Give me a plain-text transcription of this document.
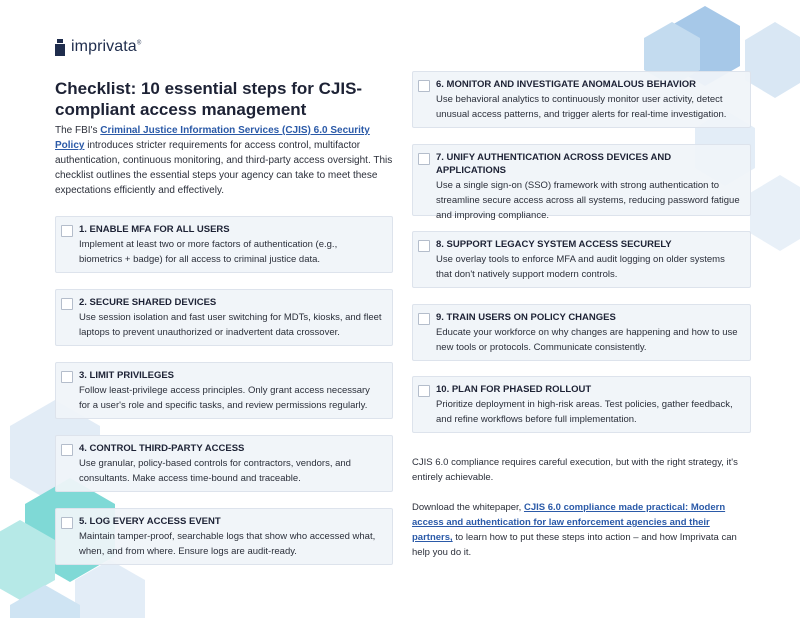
imprivata®
Checklist: 10 essential steps for CJIS-compliant access management
The FBI's Criminal Justice Information Services (CJIS) 6.0 Security Policy introduces stricter requirements for access control, multifactor authentication, continuous monitoring, and third-party access oversight. This checklist outlines the essential steps your agency can take to meet these expectations efficiently and effectively.
1. ENABLE MFA FOR ALL USERS
Implement at least two or more factors of authentication (e.g., biometrics + badge) for all access to criminal justice data.
2. SECURE SHARED DEVICES
Use session isolation and fast user switching for MDTs, kiosks, and fleet laptops to prevent unauthorized or inadvertent data crossover.
3. LIMIT PRIVILEGES
Follow least-privilege access principles. Only grant access necessary for a user's role and specific tasks, and review permissions regularly.
4. CONTROL THIRD-PARTY ACCESS
Use granular, policy-based controls for contractors, vendors, and consultants. Make access time-bound and traceable.
5. LOG EVERY ACCESS EVENT
Maintain tamper-proof, searchable logs that show who accessed what, when, and from where. Ensure logs are audit-ready.
6. MONITOR AND INVESTIGATE ANOMALOUS BEHAVIOR
Use behavioral analytics to continuously monitor user activity, detect unusual access patterns, and trigger alerts for real-time investigation.
7. UNIFY AUTHENTICATION ACROSS DEVICES AND APPLICATIONS
Use a single sign-on (SSO) framework with strong authentication to streamline secure access across all systems, reducing password fatigue and improving compliance.
8. SUPPORT LEGACY SYSTEM ACCESS SECURELY
Use overlay tools to enforce MFA and audit logging on older systems that don't natively support modern controls.
9. TRAIN USERS ON POLICY CHANGES
Educate your workforce on why changes are happening and how to use new tools or protocols. Communicate consistently.
10. PLAN FOR PHASED ROLLOUT
Prioritize deployment in high-risk areas. Test policies, gather feedback, and refine workflows before full implementation.
CJIS 6.0 compliance requires careful execution, but with the right strategy, it's entirely achievable.
Download the whitepaper, CJIS 6.0 compliance made practical: Modern access and authentication for law enforcement agencies and their partners, to learn how to put these steps into action – and how Imprivata can help you do it.
